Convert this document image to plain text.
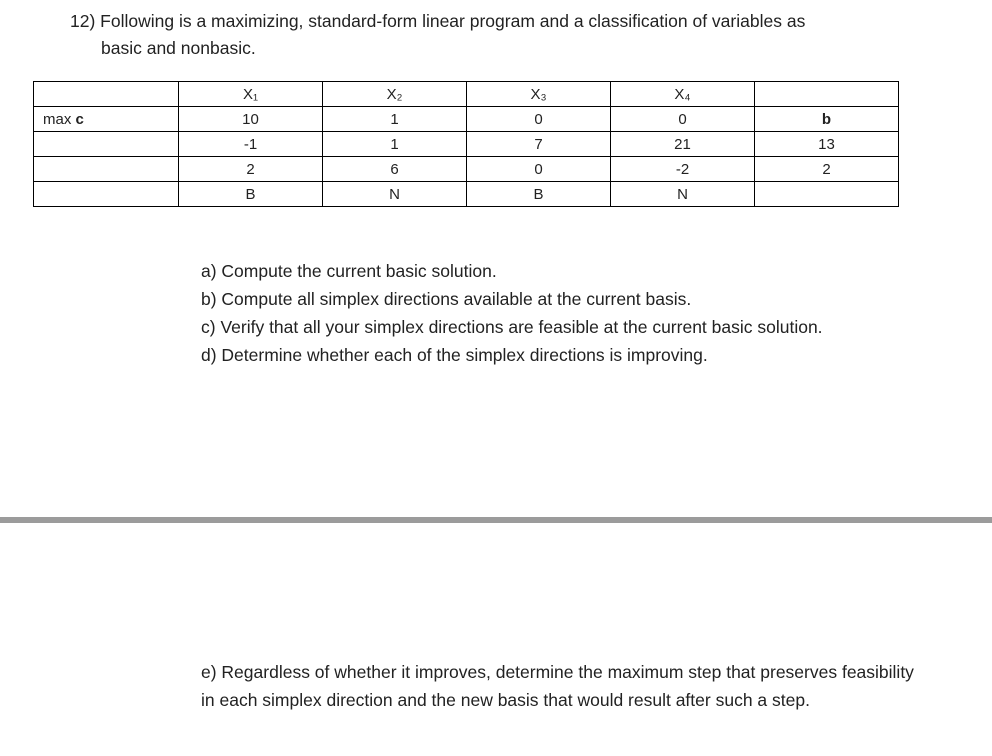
12) Following is a maximizing, standard-form linear program and a classification of variables as
basic and nonbasic.
	X₁	X₂	X₃	X₄	
max c	10	1	0	0	b
	-1	1	7	21	13
	2	6	0	-2	2
	B	N	B	N	

a) Compute the current basic solution.

b) Compute all simplex directions available at the current basis.

c) Verify that all your simplex directions are feasible at the current basic solution.

d) Determine whether each of the simplex directions is improving.

e) Regardless of whether it improves, determine the maximum step that preserves feasibility in each simplex direction and the new basis that would result after such a step.
